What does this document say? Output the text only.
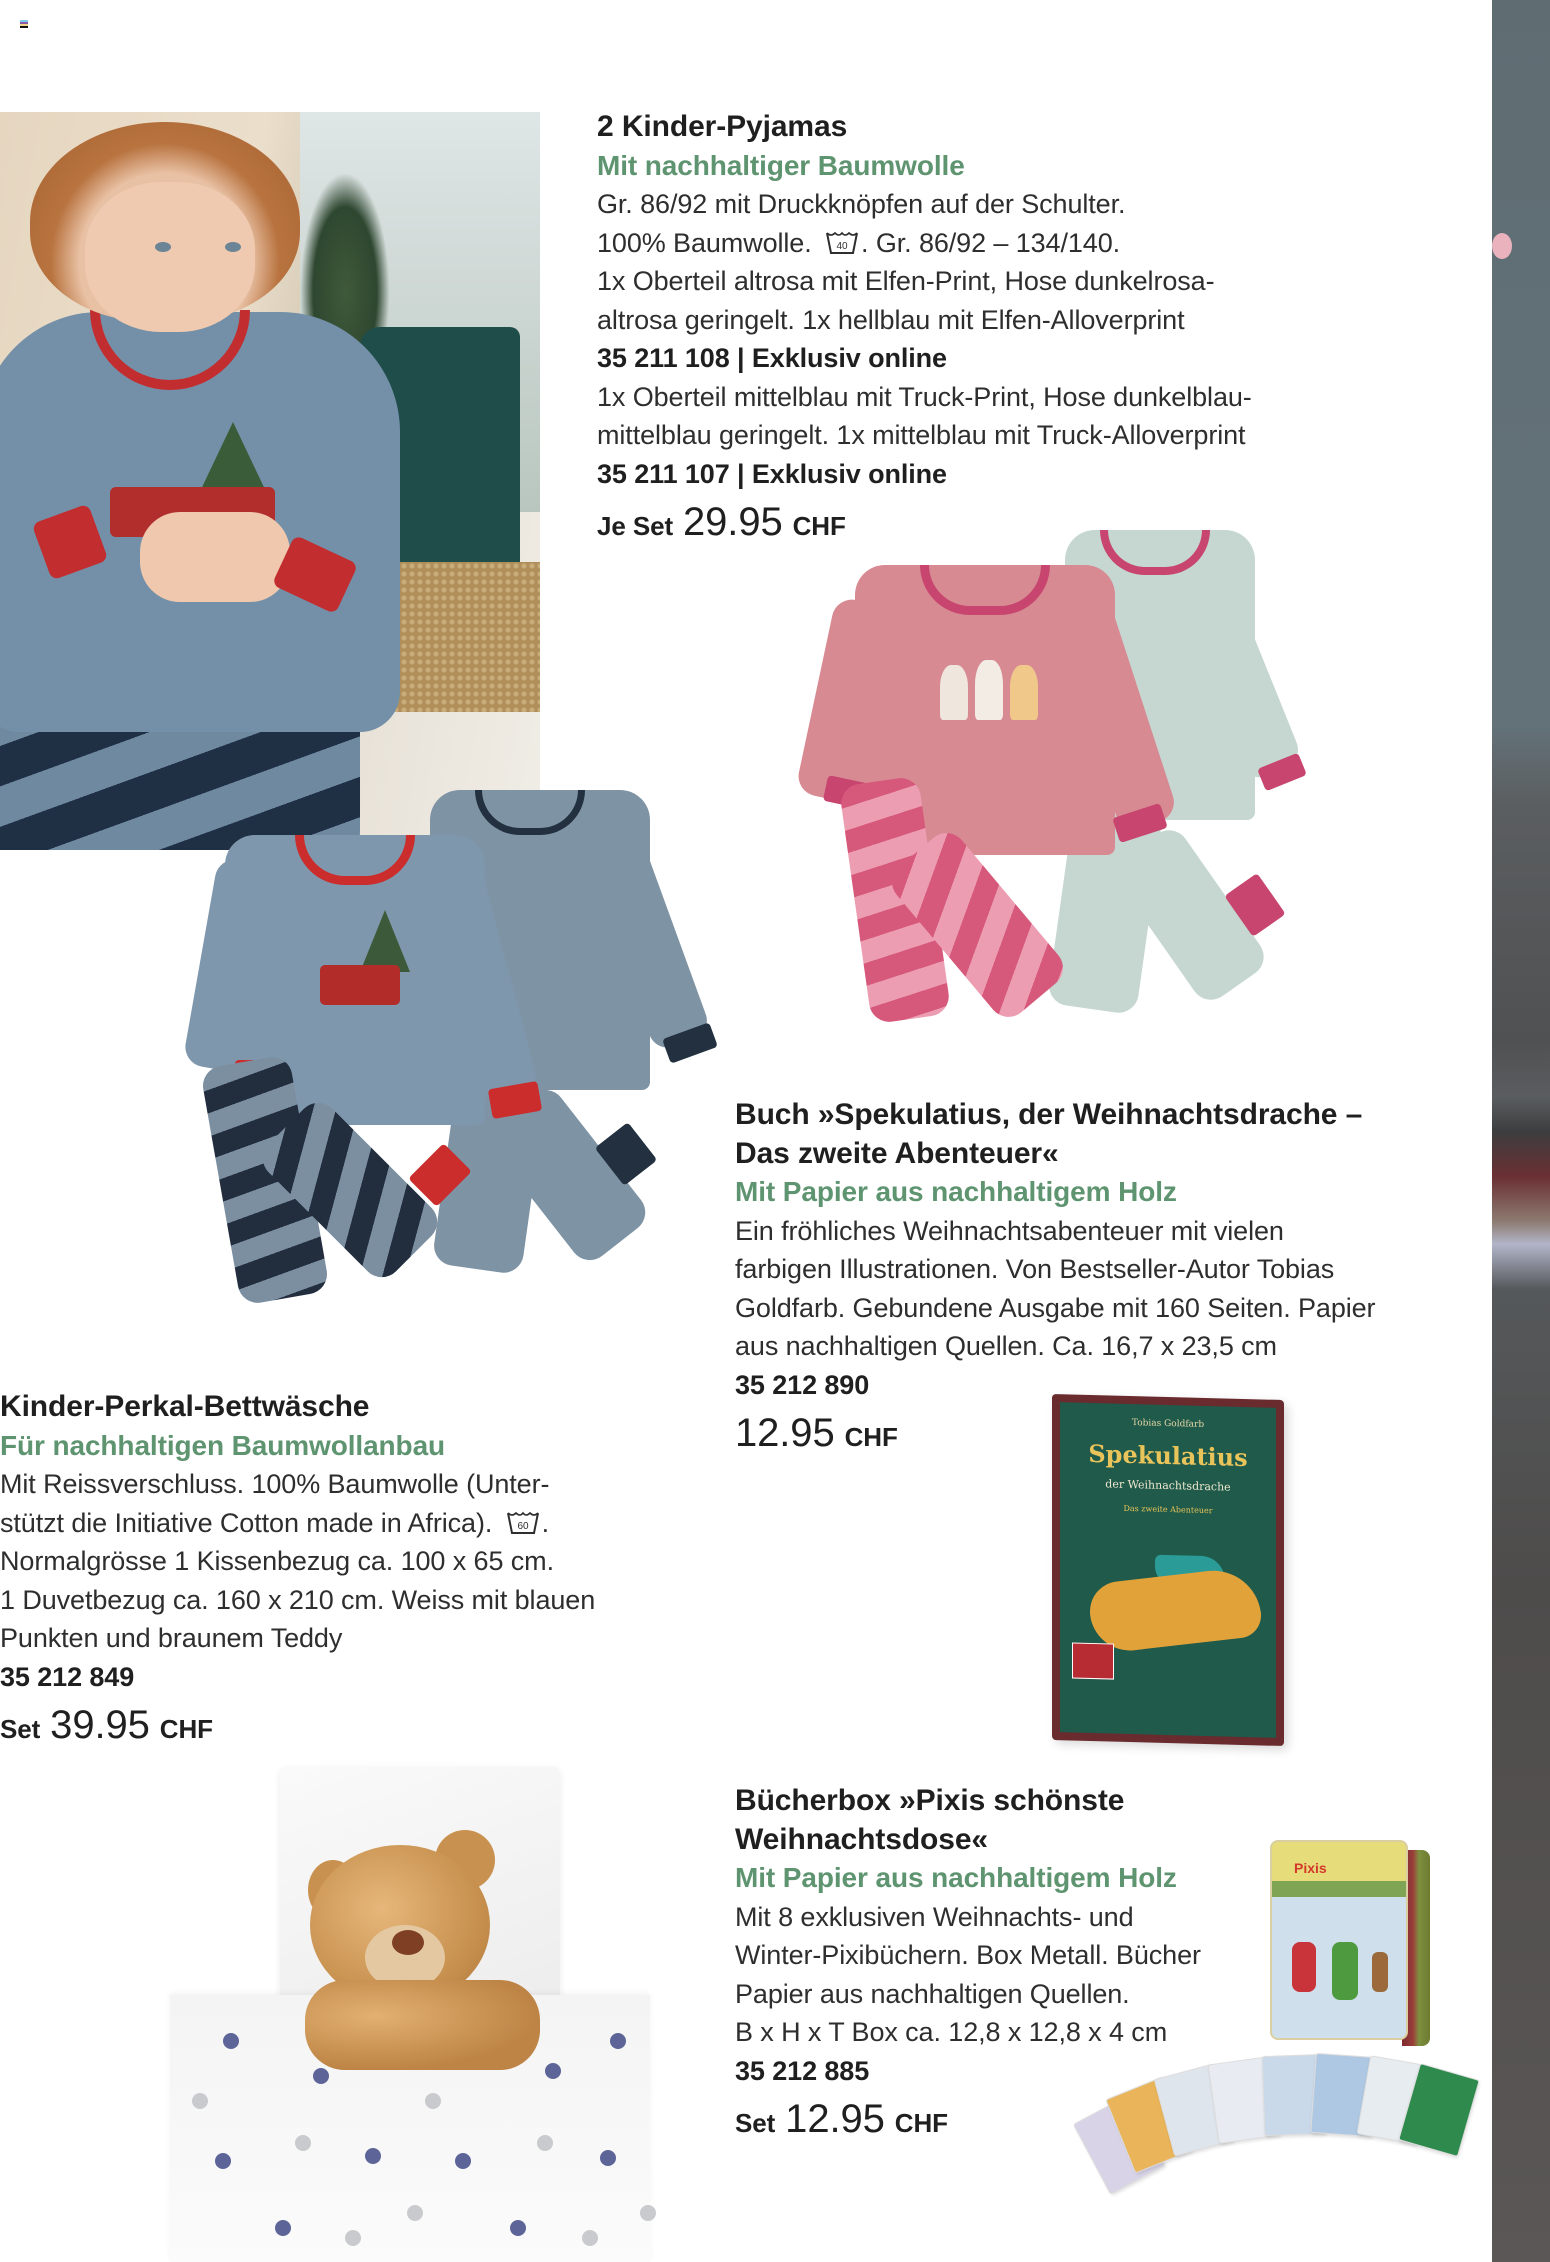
2 Kinder-Pyjamas
Mit nachhaltiger Baumwolle
Gr. 86/92 mit Druckknöpfen auf der Schulter.
100% Baumwolle. 40 . Gr. 86/92 – 134/140.
1x Oberteil altrosa mit Elfen-Print, Hose dunkelrosa-
altrosa geringelt. 1x hellblau mit Elfen-Alloverprint
35 211 108 | Exklusiv online
1x Oberteil mittelblau mit Truck-Print, Hose dunkelblau-
mittelblau geringelt. 1x mittelblau mit Truck-Alloverprint
35 211 107 | Exklusiv online
Je Set 29.95 CHF
Buch »Spekulatius, der Weihnachtsdrache –
Das zweite Abenteuer«
Mit Papier aus nachhaltigem Holz
Ein fröhliches Weihnachtsabenteuer mit vielen
farbigen Illustrationen. Von Bestseller-Autor Tobias
Goldfarb. Gebundene Ausgabe mit 160 Seiten. Papier
aus nachhaltigen Quellen. Ca. 16,7 x 23,5 cm
35 212 890
12.95 CHF	Tobias Goldfarb
Spekulatius
der Weihnachtsdrache
Das zweite Abenteuer
Kinder-Perkal-Bettwäsche
Für nachhaltigen Baumwollanbau
Mit Reissverschluss. 100% Baumwolle (Unter-
stützt die Initiative Cotton made in Africa). 60 .
Normalgrösse 1 Kissenbezug ca. 100 x 65 cm.
1 Duvetbezug ca. 160 x 210 cm. Weiss mit blauen
Punkten und braunem Teddy
35 212 849
Set 39.95 CHF
Bücherbox »Pixis schönste
Weihnachtsdose«
Mit Papier aus nachhaltigem Holz
Mit 8 exklusiven Weihnachts- und
Winter-Pixibüchern. Box Metall. Bücher
Papier aus nachhaltigen Quellen.
B x H x T Box ca. 12,8 x 12,8 x 4 cm
35 212 885
Set 12.95 CHF
Pixis
